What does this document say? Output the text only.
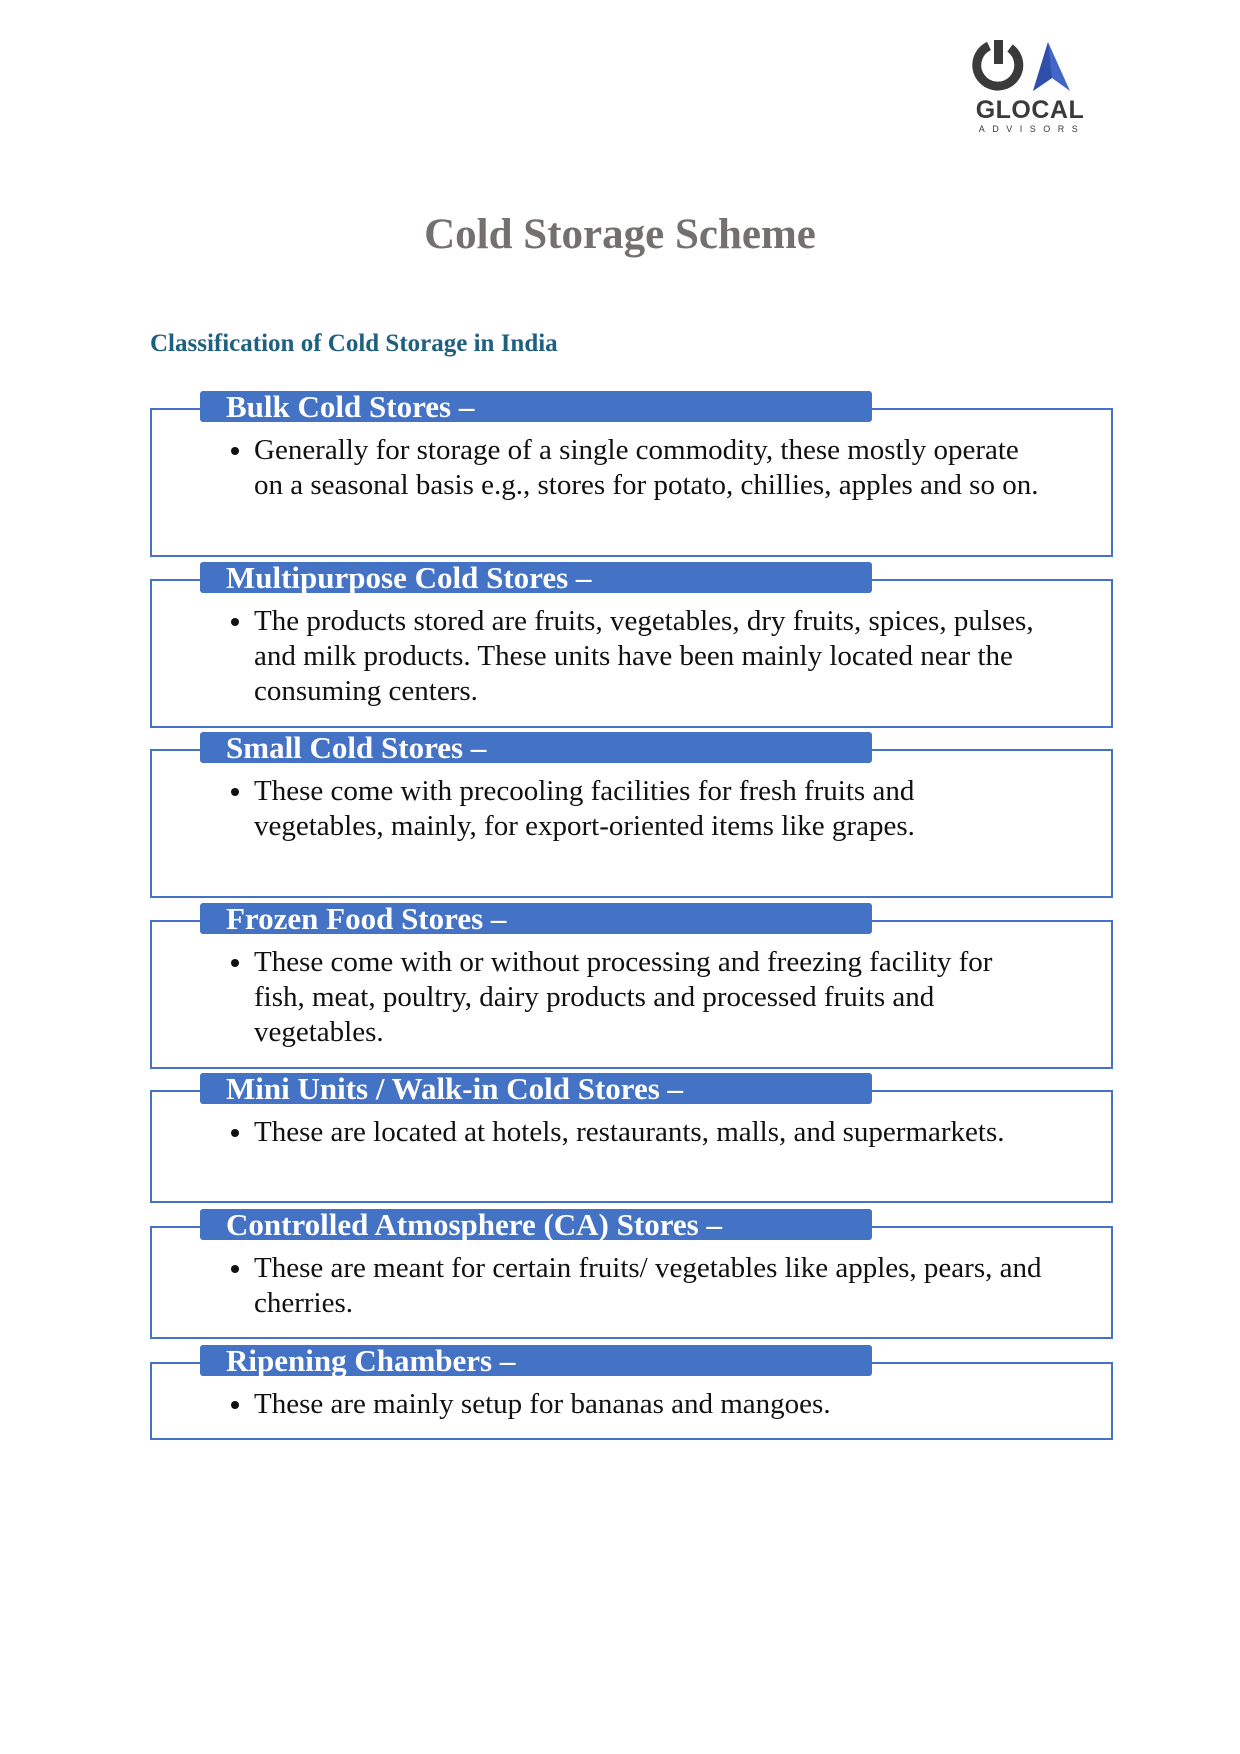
GLOCAL
ADVISORS
Cold Storage Scheme
Classification of Cold Storage in India
Bulk Cold Stores –
• Generally for storage of a single commodity, these mostly operate on a seasonal basis e.g., stores for potato, chillies, apples and so on.
Multipurpose Cold Stores –
• The products stored are fruits, vegetables, dry fruits, spices, pulses, and milk products. These units have been mainly located near the consuming centers.
Small Cold Stores –
• These come with precooling facilities for fresh fruits and vegetables, mainly, for export-oriented items like grapes.
Frozen Food Stores –
• These come with or without processing and freezing facility for fish, meat, poultry, dairy products and processed fruits and vegetables.
Mini Units / Walk-in Cold Stores –
• These are located at hotels, restaurants, malls, and supermarkets.
Controlled Atmosphere (CA) Stores –
• These are meant for certain fruits/ vegetables like apples, pears, and cherries.
Ripening Chambers –
• These are mainly setup for bananas and mangoes.
